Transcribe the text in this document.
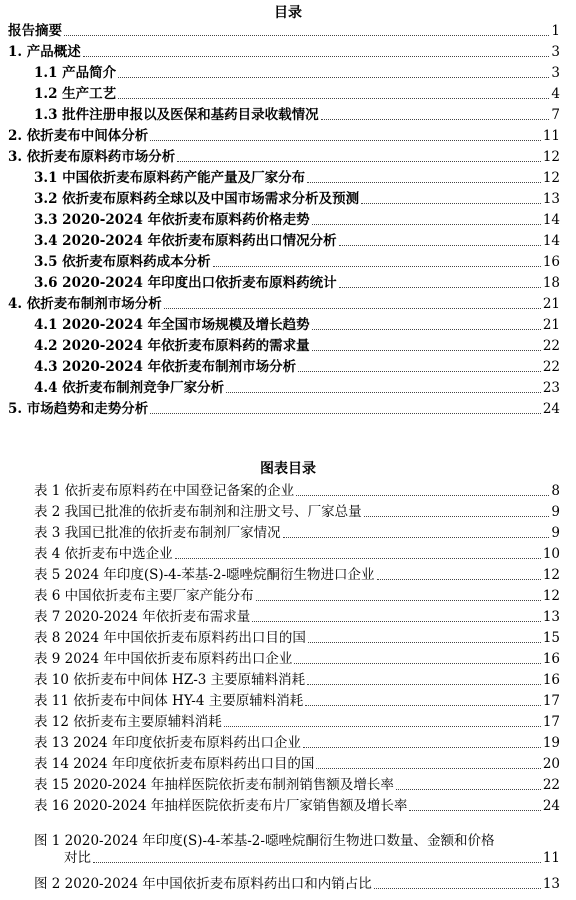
目录
报告摘要	1
1. 产品概述	3
1.1 产品简介	3
1.2 生产工艺	4
1.3 批件注册申报以及医保和基药目录收载情况	7
2. 依折麦布中间体分析	11
3. 依折麦布原料药市场分析	12
3.1 中国依折麦布原料药产能产量及厂家分布	12
3.2 依折麦布原料药全球以及中国市场需求分析及预测	13
3.3 2020-2024 年依折麦布原料药价格走势	14
3.4 2020-2024 年依折麦布原料药出口情况分析	14
3.5 依折麦布原料药成本分析	16
3.6 2020-2024 年印度出口依折麦布原料药统计	18
4. 依折麦布制剂市场分析	21
4.1 2020-2024 年全国市场规模及增长趋势	21
4.2 2020-2024 年依折麦布原料药的需求量	22
4.3 2020-2024 年依折麦布制剂市场分析	22
4.4 依折麦布制剂竞争厂家分析	23
5. 市场趋势和走势分析	24
图表目录
表 1 依折麦布原料药在中国登记备案的企业	8
表 2 我国已批准的依折麦布制剂和注册文号、厂家总量	9
表 3 我国已批准的依折麦布制剂厂家情况	9
表 4 依折麦布中选企业	10
表 5 2024 年印度(S)-4-苯基-2-噁唑烷酮衍生物进口企业	12
表 6 中国依折麦布主要厂家产能分布	12
表 7 2020-2024 年依折麦布需求量	13
表 8 2024 年中国依折麦布原料药出口目的国	15
表 9 2024 年中国依折麦布原料药出口企业	16
表 10 依折麦布中间体 HZ-3 主要原辅料消耗	16
表 11 依折麦布中间体 HY-4 主要原辅料消耗	17
表 12 依折麦布主要原辅料消耗	17
表 13 2024 年印度依折麦布原料药出口企业	19
表 14 2024 年印度依折麦布原料药出口目的国	20
表 15 2020-2024 年抽样医院依折麦布制剂销售额及增长率	22
表 16 2020-2024 年抽样医院依折麦布片厂家销售额及增长率	24
图 1 2020-2024 年印度(S)-4-苯基-2-噁唑烷酮衍生物进口数量、金额和价格
对比	11
图 2 2020-2024 年中国依折麦布原料药出口和内销占比	13
